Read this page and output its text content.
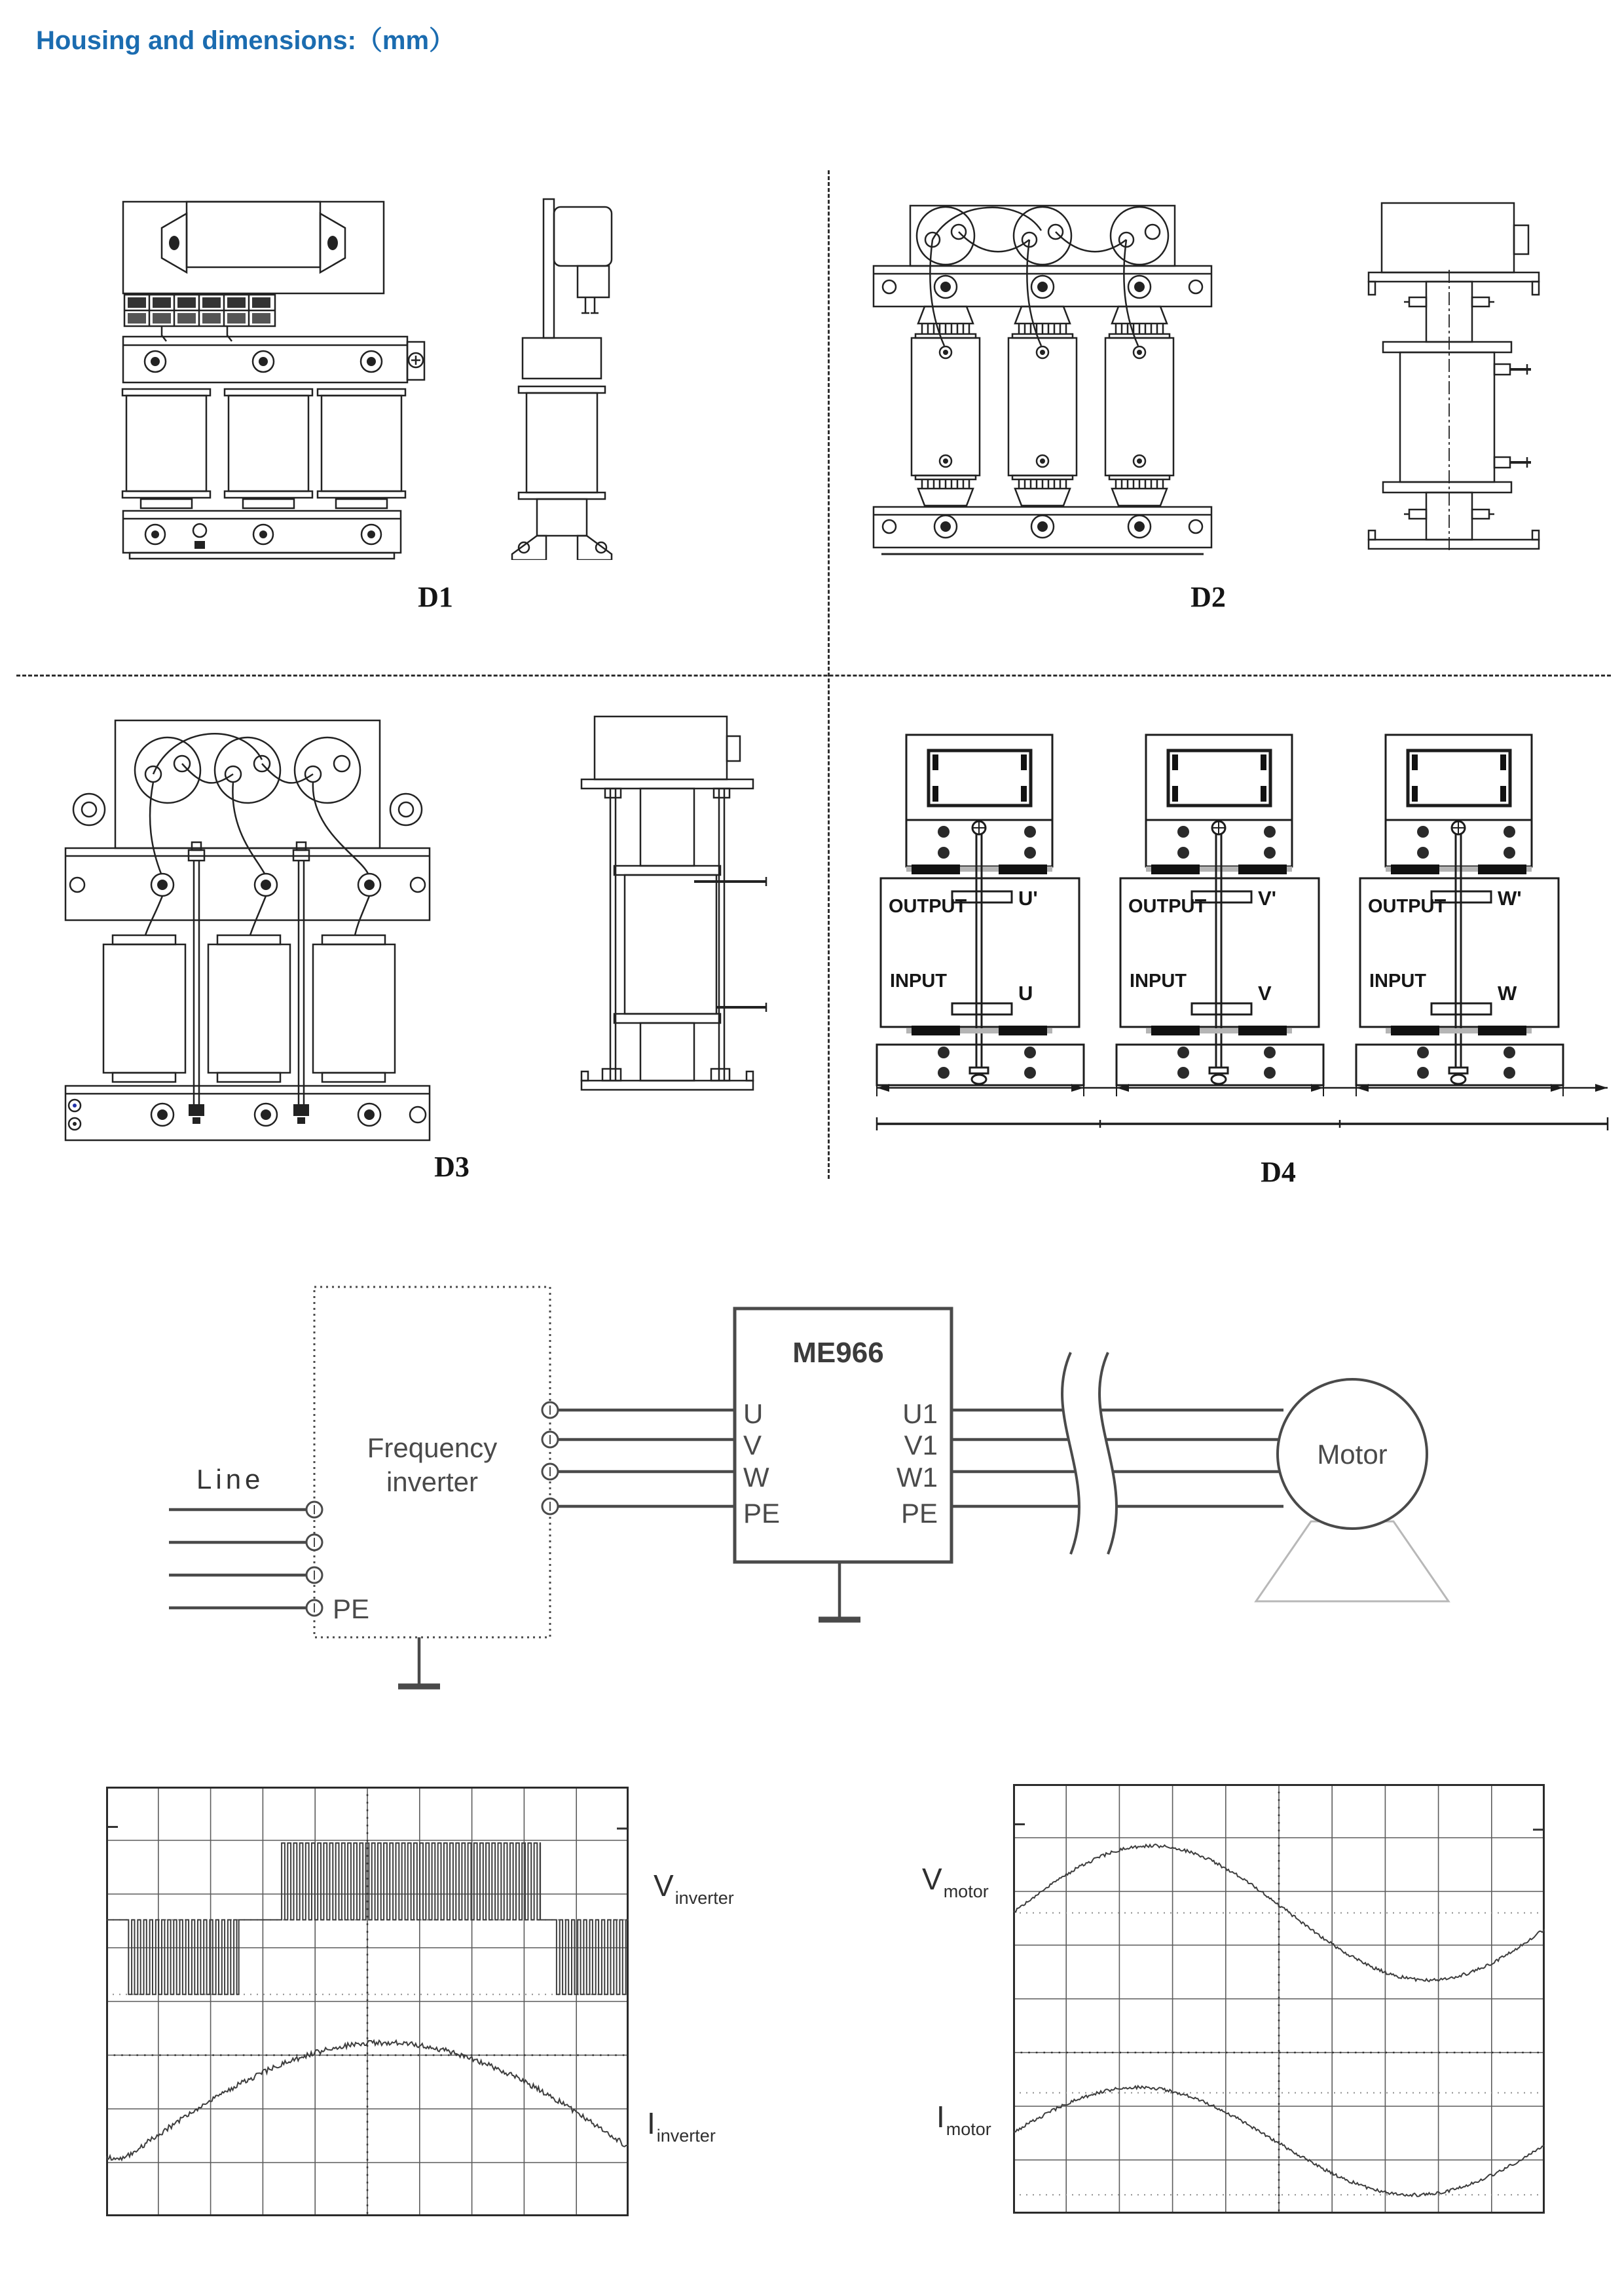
Housing and dimensions:（mm）
D1	D2
D3
OUTPUT	U'
INPUT
U
OUTPUT	V'
INPUT
V
OUTPUT	W'
INPUT
W
D4
Line
PE
Frequency
inverter
ME966
U
V
W
PE
U1
V1
W1
PE
Motor
Vinverter
Iinverter
Vmotor
Imotor
